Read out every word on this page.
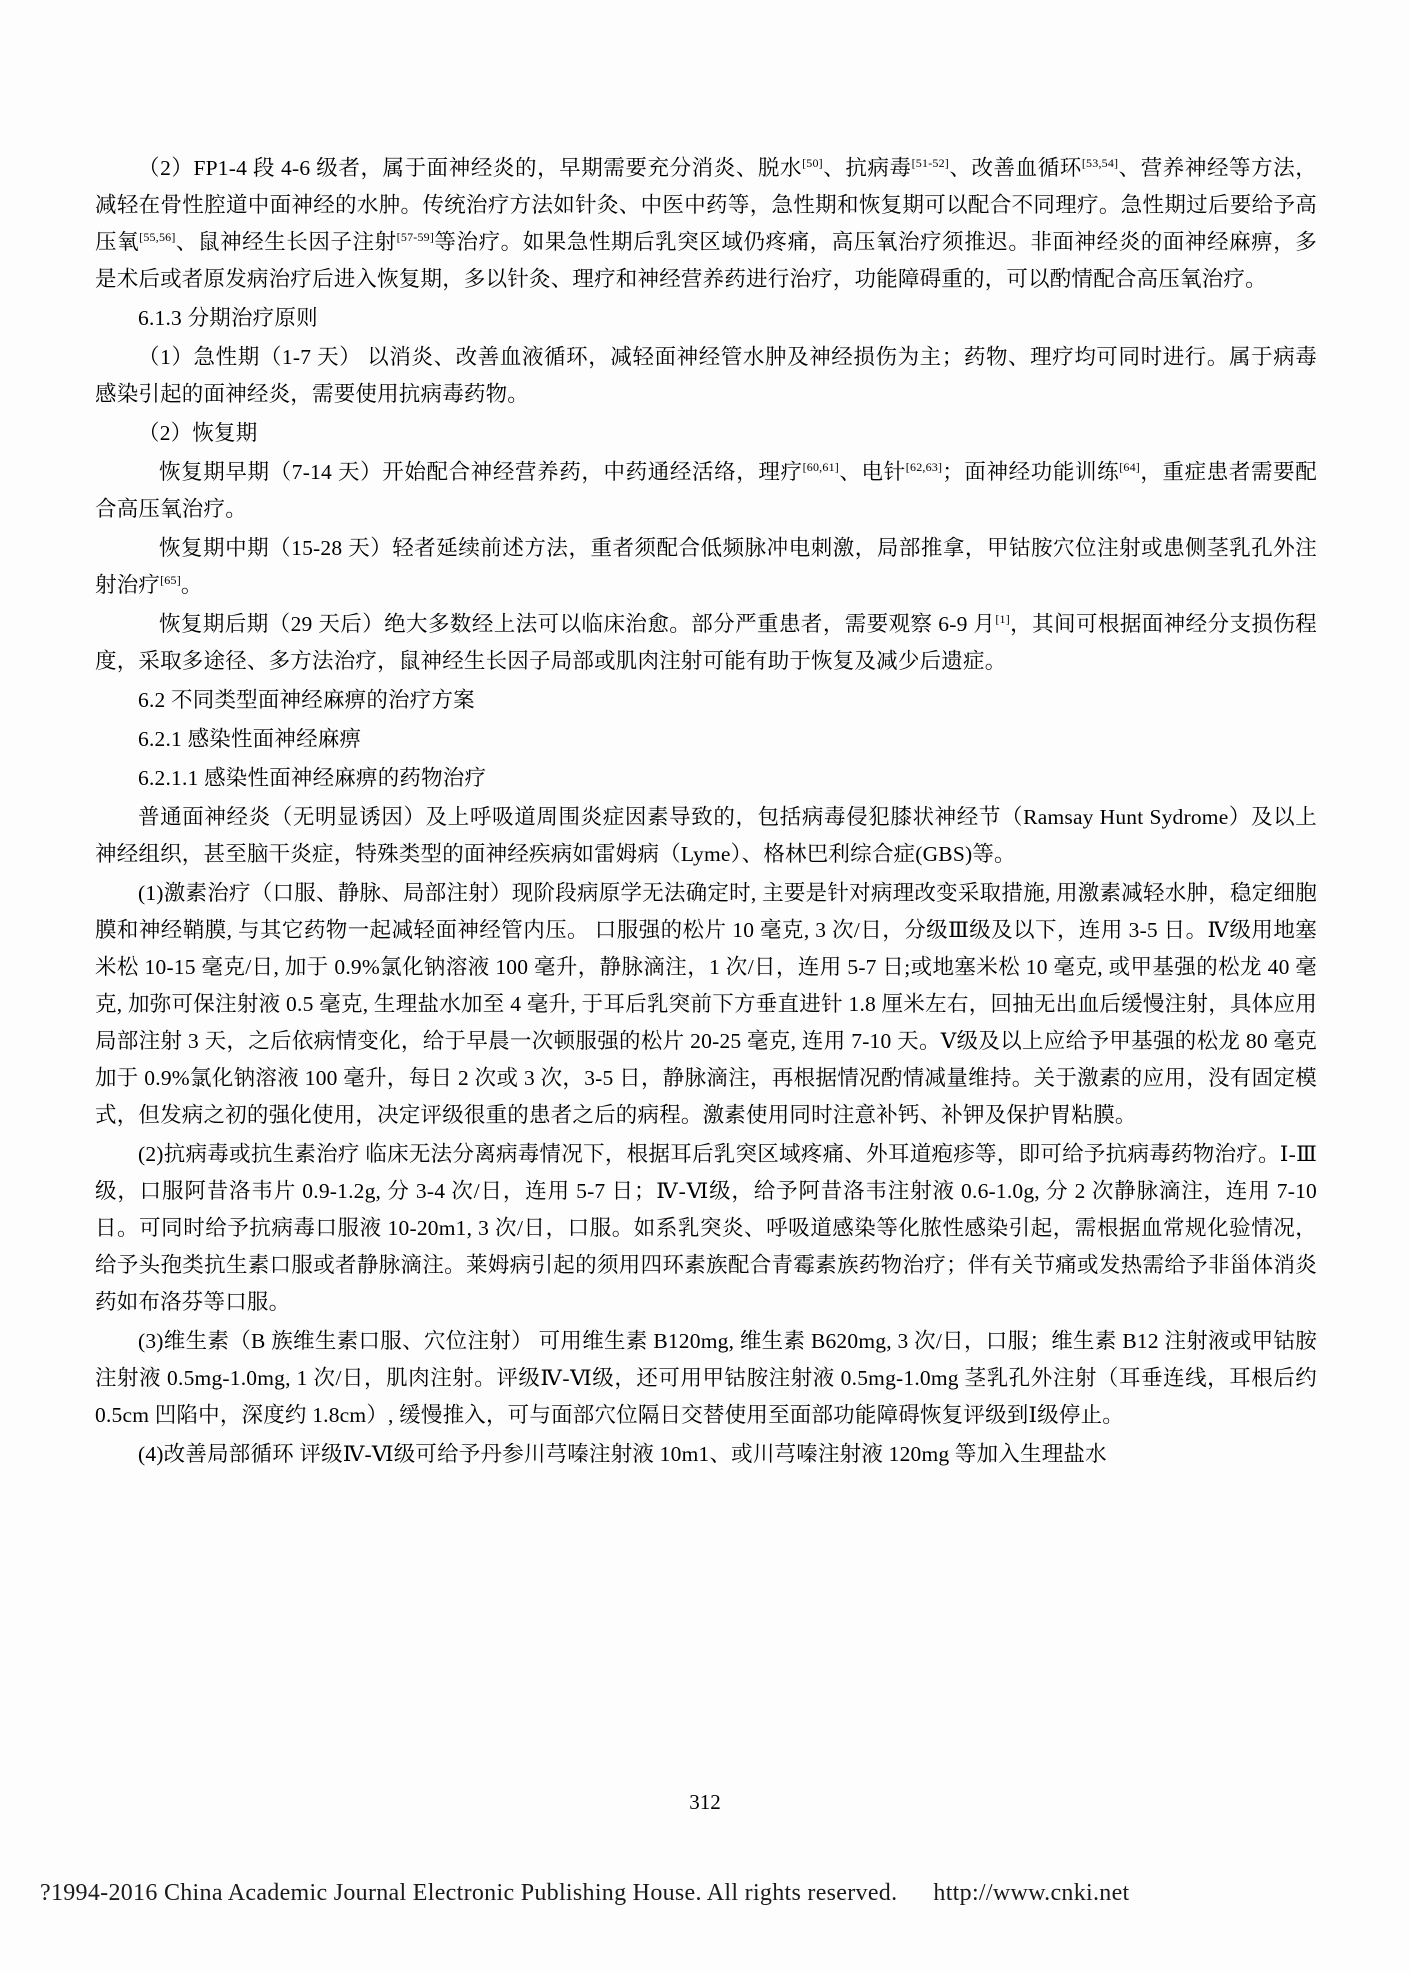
（2）FP1-4 段 4-6 级者，属于面神经炎的，早期需要充分消炎、脱水[50]、抗病毒[51-52]、改善血循环[53,54]、营养神经等方法，减轻在骨性腔道中面神经的水肿。传统治疗方法如针灸、中医中药等，急性期和恢复期可以配合不同理疗。急性期过后要给予高压氧[55,56]、鼠神经生长因子注射[57-59]等治疗。如果急性期后乳突区域仍疼痛，高压氧治疗须推迟。非面神经炎的面神经麻痹，多是术后或者原发病治疗后进入恢复期，多以针灸、理疗和神经营养药进行治疗，功能障碍重的，可以酌情配合高压氧治疗。

6.1.3 分期治疗原则

（1）急性期（1-7 天） 以消炎、改善血液循环，减轻面神经管水肿及神经损伤为主；药物、理疗均可同时进行。属于病毒感染引起的面神经炎，需要使用抗病毒药物。

（2）恢复期

恢复期早期（7-14 天）开始配合神经营养药，中药通经活络，理疗[60,61]、电针[62,63]；面神经功能训练[64]，重症患者需要配合高压氧治疗。

恢复期中期（15-28 天）轻者延续前述方法，重者须配合低频脉冲电刺激，局部推拿，甲钴胺穴位注射或患侧茎乳孔外注射治疗[65]。

恢复期后期（29 天后）绝大多数经上法可以临床治愈。部分严重患者，需要观察 6-9 月[1]，其间可根据面神经分支损伤程度，采取多途径、多方法治疗，鼠神经生长因子局部或肌肉注射可能有助于恢复及减少后遗症。

6.2 不同类型面神经麻痹的治疗方案

6.2.1 感染性面神经麻痹

6.2.1.1 感染性面神经麻痹的药物治疗

普通面神经炎（无明显诱因）及上呼吸道周围炎症因素导致的，包括病毒侵犯膝状神经节（Ramsay Hunt Sydrome）及以上神经组织，甚至脑干炎症，特殊类型的面神经疾病如雷姆病（Lyme）、格林巴利综合症(GBS)等。

(1)激素治疗（口服、静脉、局部注射）现阶段病原学无法确定时, 主要是针对病理改变采取措施, 用激素减轻水肿，稳定细胞膜和神经鞘膜, 与其它药物一起减轻面神经管内压。 口服强的松片 10 毫克, 3 次/日，分级Ⅲ级及以下，连用 3-5 日。Ⅳ级用地塞米松 10-15 毫克/日, 加于 0.9%氯化钠溶液 100 毫升，静脉滴注，1 次/日，连用 5-7 日;或地塞米松 10 毫克, 或甲基强的松龙 40 毫克, 加弥可保注射液 0.5 毫克, 生理盐水加至 4 毫升, 于耳后乳突前下方垂直进针 1.8 厘米左右，回抽无出血后缓慢注射，具体应用局部注射 3 天，之后依病情变化，给于早晨一次顿服强的松片 20-25 毫克, 连用 7-10 天。Ⅴ级及以上应给予甲基强的松龙 80 毫克加于 0.9%氯化钠溶液 100 毫升，每日 2 次或 3 次，3-5 日，静脉滴注，再根据情况酌情减量维持。关于激素的应用，没有固定模式，但发病之初的强化使用，决定评级很重的患者之后的病程。激素使用同时注意补钙、补钾及保护胃粘膜。

(2)抗病毒或抗生素治疗 临床无法分离病毒情况下，根据耳后乳突区域疼痛、外耳道疱疹等，即可给予抗病毒药物治疗。Ⅰ-Ⅲ级，口服阿昔洛韦片 0.9-1.2g, 分 3-4 次/日，连用 5-7 日；Ⅳ-Ⅵ级，给予阿昔洛韦注射液 0.6-1.0g, 分 2 次静脉滴注，连用 7-10 日。可同时给予抗病毒口服液 10-20m1, 3 次/日，口服。如系乳突炎、呼吸道感染等化脓性感染引起，需根据血常规化验情况，给予头孢类抗生素口服或者静脉滴注。莱姆病引起的须用四环素族配合青霉素族药物治疗；伴有关节痛或发热需给予非甾体消炎药如布洛芬等口服。

(3)维生素（B 族维生素口服、穴位注射） 可用维生素 B120mg, 维生素 B620mg, 3 次/日，口服；维生素 B12 注射液或甲钴胺注射液 0.5mg-1.0mg, 1 次/日，肌肉注射。评级Ⅳ-Ⅵ级，还可用甲钴胺注射液 0.5mg-1.0mg 茎乳孔外注射（耳垂连线，耳根后约 0.5cm 凹陷中，深度约 1.8cm）, 缓慢推入，可与面部穴位隔日交替使用至面部功能障碍恢复评级到Ⅰ级停止。

(4)改善局部循环 评级Ⅳ-Ⅵ级可给予丹参川芎嗪注射液 10m1、或川芎嗪注射液 120mg 等加入生理盐水

312
?1994-2016 China Academic Journal Electronic Publishing House. All rights reserved. http://www.cnki.net
